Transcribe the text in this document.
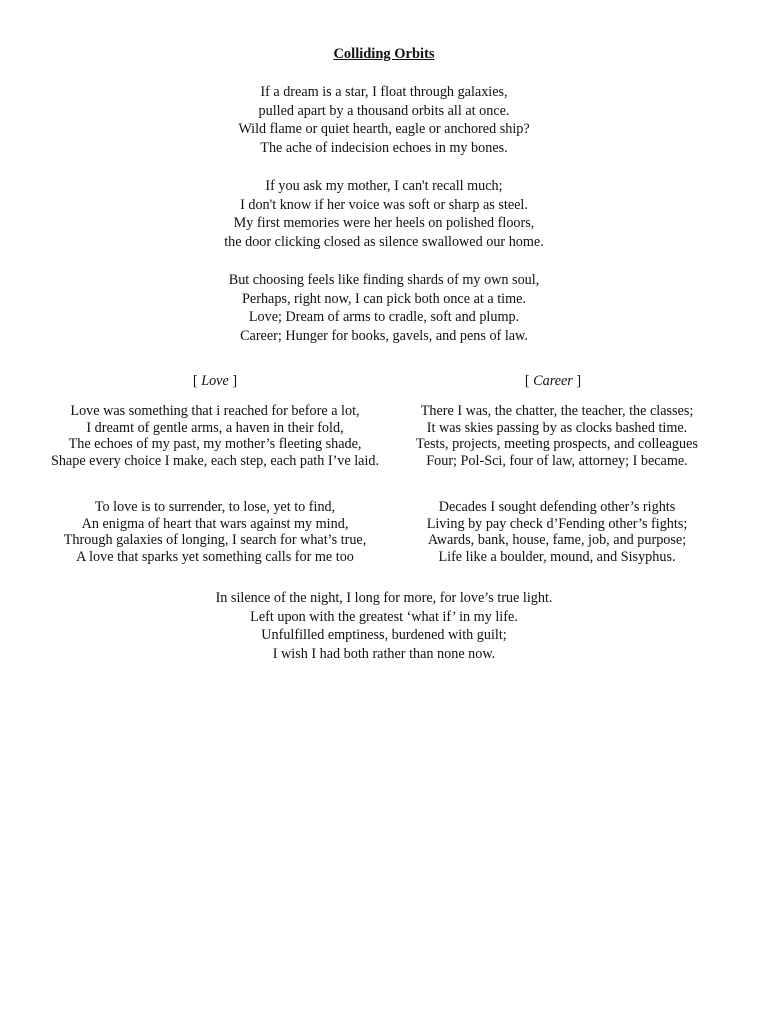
Colliding Orbits
If a dream is a star, I float through galaxies,
pulled apart by a thousand orbits all at once.
Wild flame or quiet hearth, eagle or anchored ship?
The ache of indecision echoes in my bones.
If you ask my mother, I can't recall much;
I don't know if her voice was soft or sharp as steel.
My first memories were her heels on polished floors,
the door clicking closed as silence swallowed our home.
But choosing feels like finding shards of my own soul,
Perhaps, right now, I can pick both once at a time.
Love; Dream of arms to cradle, soft and plump.
Career; Hunger for books, gavels, and pens of law.
[ Love ]	[ Career ]
Love was something that i reached for before a lot,
I dreamt of gentle arms, a haven in their fold,
The echoes of my past, my mother’s fleeting shade,
Shape every choice I make, each step, each path I’ve laid.
There I was, the chatter, the teacher, the classes;
It was skies passing by as clocks bashed time.
Tests, projects, meeting prospects, and colleagues
Four; Pol-Sci, four of law, attorney; I became.
To love is to surrender, to lose, yet to find,
An enigma of heart that wars against my mind,
Through galaxies of longing, I search for what’s true,
A love that sparks yet something calls for me too
Decades I sought defending other’s rights
Living by pay check d’Fending other’s fights;
Awards, bank, house, fame, job, and purpose;
Life like a boulder, mound, and Sisyphus.
In silence of the night, I long for more, for love’s true light.
Left upon with the greatest ‘what if’ in my life.
Unfulfilled emptiness, burdened with guilt;
I wish I had both rather than none now.
